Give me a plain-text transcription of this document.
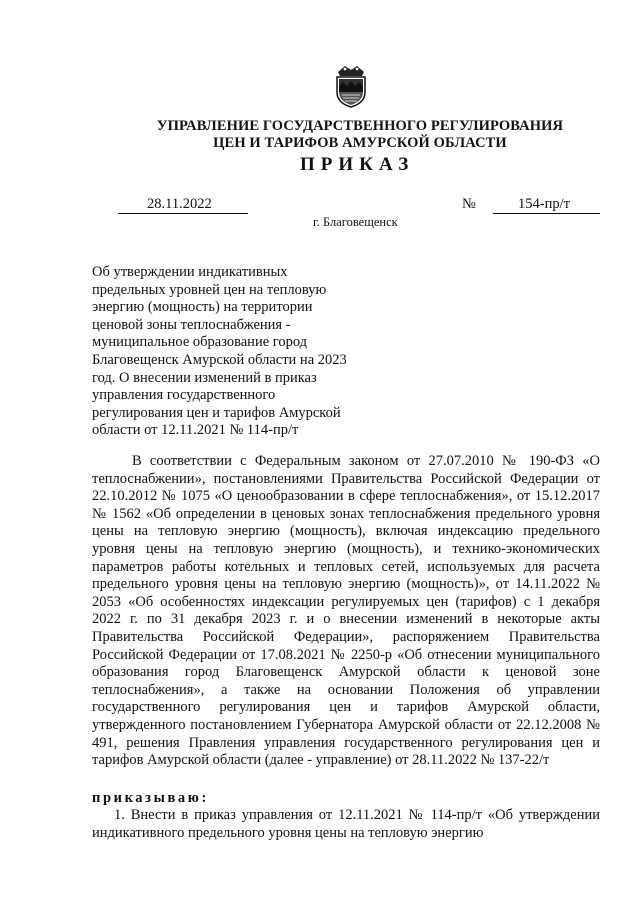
УПРАВЛЕНИЕ ГОСУДАРСТВЕННОГО РЕГУЛИРОВАНИЯ
ЦЕН И ТАРИФОВ АМУРСКОЙ ОБЛАСТИ
ПРИКАЗ
28.11.2022	№	154-пр/т
г. Благовещенск
Об утверждении индикативных
предельных уровней цен на тепловую
энергию (мощность) на территории
ценовой зоны теплоснабжения -
муниципальное образование город
Благовещенск Амурской области на 2023
год. О внесении изменений в приказ
управления государственного
регулирования цен и тарифов Амурской
области от 12.11.2021 № 114-пр/т

В соответствии с Федеральным законом от 27.07.2010 № 190-ФЗ «О теплоснабжении», постановлениями Правительства Российской Федерации от 22.10.2012 № 1075 «О ценообразовании в сфере теплоснабжения», от 15.12.2017 № 1562 «Об определении в ценовых зонах теплоснабжения предельного уровня цены на тепловую энергию (мощность), включая индексацию предельного уровня цены на тепловую энергию (мощность), и технико-экономических параметров работы котельных и тепловых сетей, используемых для расчета предельного уровня цены на тепловую энергию (мощность)», от 14.11.2022 № 2053 «Об особенностях индексации регулируемых цен (тарифов) с 1 декабря 2022 г. по 31 декабря 2023 г. и о внесении изменений в некоторые акты Правительства Российской Федерации», распоряжением Правительства Российской Федерации от 17.08.2021 № 2250-р «Об отнесении муниципального образования город Благовещенск Амурской области к ценовой зоне теплоснабжения», а также на основании Положения об управлении государственного регулирования цен и тарифов Амурской области, утвержденного постановлением Губернатора Амурской области от 22.12.2008 № 491, решения Правления управления государственного регулирования цен и тарифов Амурской области (далее - управление) от 28.11.2022 № 137-22/т

приказываю:

1. Внести в приказ управления от 12.11.2021 № 114-пр/т «Об утверждении индикативного предельного уровня цены на тепловую энергию
